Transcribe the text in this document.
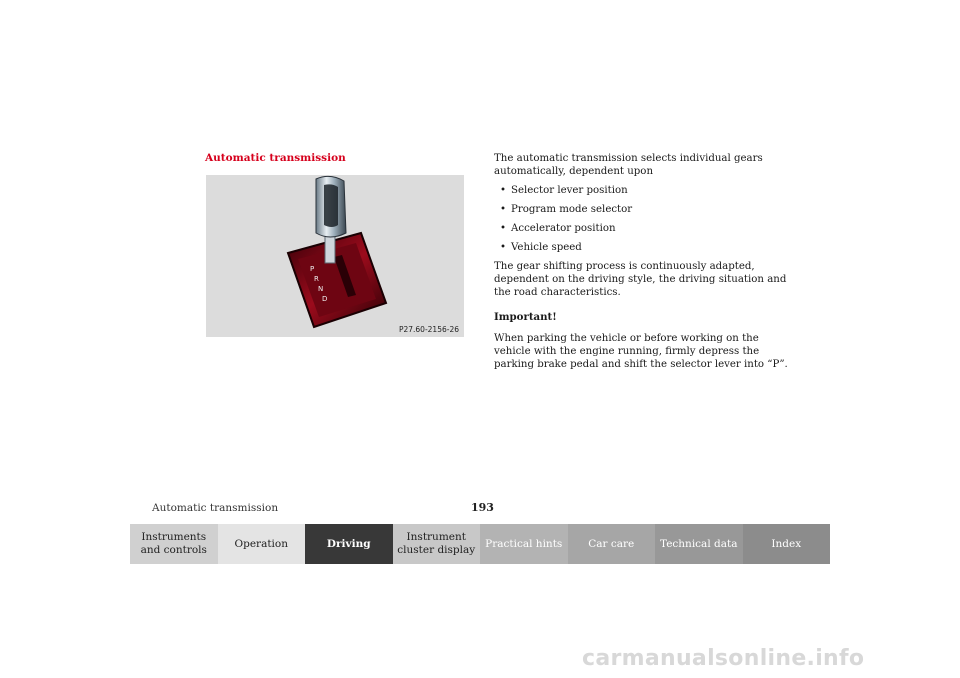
Automatic transmission
P
R
N
D
P27.60-2156-26

The automatic transmission selects individual gears automatically, dependent upon

• Selector lever position
• Program mode selector
• Accelerator position
• Vehicle speed

The gear shifting process is continuously adapted, dependent on the driving style, the driving situation and the road characteristics.

Important!

When parking the vehicle or before working on the vehicle with the engine running, firmly depress the parking brake pedal and shift the selector lever into “P”.

Automatic transmission	193
Instruments and controls
Operation	Driving
Instrument cluster display
Practical hints	Car care	Technical data	Index
carmanualsonline.info
